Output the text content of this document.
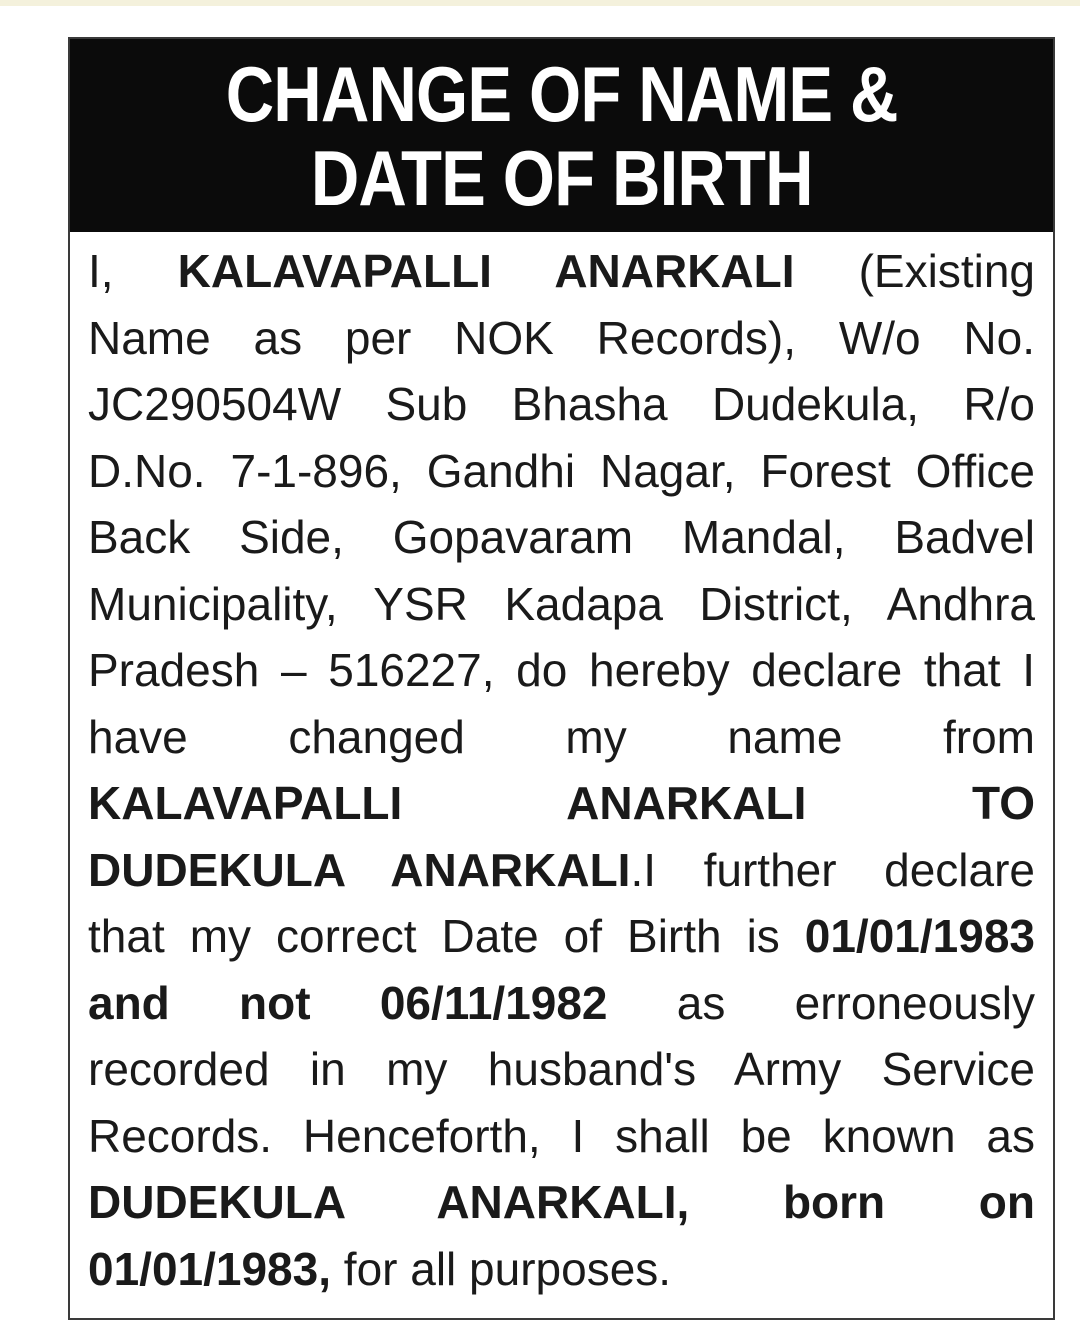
CHANGE OF NAME &
DATE OF BIRTH
I, KALAVAPALLI ANARKALI (Existing
Name as per NOK Records), W/o No.
JC290504W Sub Bhasha Dudekula, R/o
D.No. 7-1-896, Gandhi Nagar, Forest Office
Back Side, Gopavaram Mandal, Badvel
Municipality, YSR Kadapa District, Andhra
Pradesh – 516227, do hereby declare that I
have changed my name from
KALAVAPALLI ANARKALI TO
DUDEKULA ANARKALI.I further declare
that my correct Date of Birth is 01/01/1983
and not 06/11/1982 as erroneously
recorded in my husband's Army Service
Records. Henceforth, I shall be known as
DUDEKULA ANARKALI, born on
01/01/1983, for all purposes.
